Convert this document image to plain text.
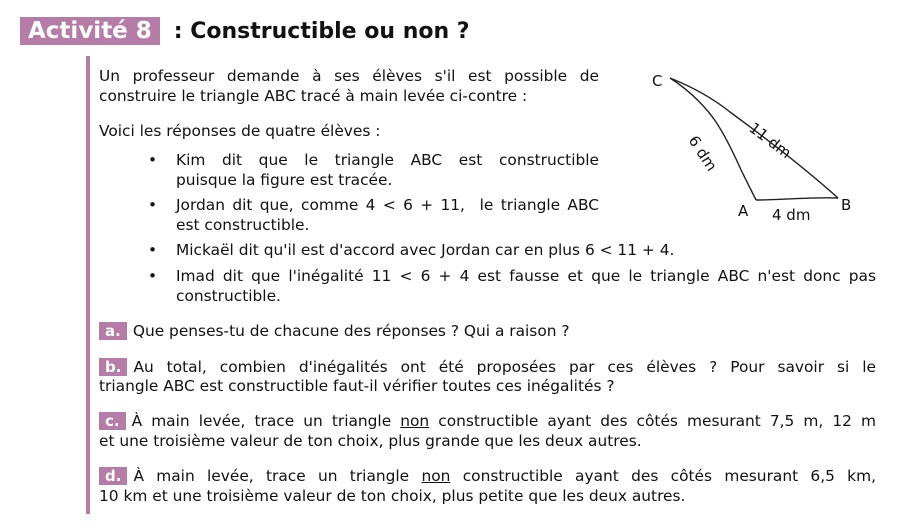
Activité 8	: Constructible ou non ?
Un professeur demande à ses élèves s'il est possible de
construire le triangle ABC tracé à main levée ci-contre :
Voici les réponses de quatre élèves :
• Kim dit que le triangle ABC est constructible
puisque la figure est tracée.
• Jordan dit que, comme 4 < 6 + 11,  le triangle ABC
est constructible.
• Mickaël dit qu'il est d'accord avec Jordan car en plus 6 < 11 + 4.
• Imad dit que l'inégalité 11 < 6 + 4 est fausse et que le triangle ABC n'est donc pas
constructible.
C
A	B
4 dm
11 dm
6 dm
a. Que penses-tu de chacune des réponses ? Qui a raison ?
b. Au total, combien d'inégalités ont été proposées par ces élèves ? Pour savoir si le
triangle ABC est constructible faut-il vérifier toutes ces inégalités ?
c. À main levée, trace un triangle non constructible ayant des côtés mesurant 7,5 m, 12 m
et une troisième valeur de ton choix, plus grande que les deux autres.
d. À main levée, trace un triangle non constructible ayant des côtés mesurant 6,5 km,
10 km et une troisième valeur de ton choix, plus petite que les deux autres.
